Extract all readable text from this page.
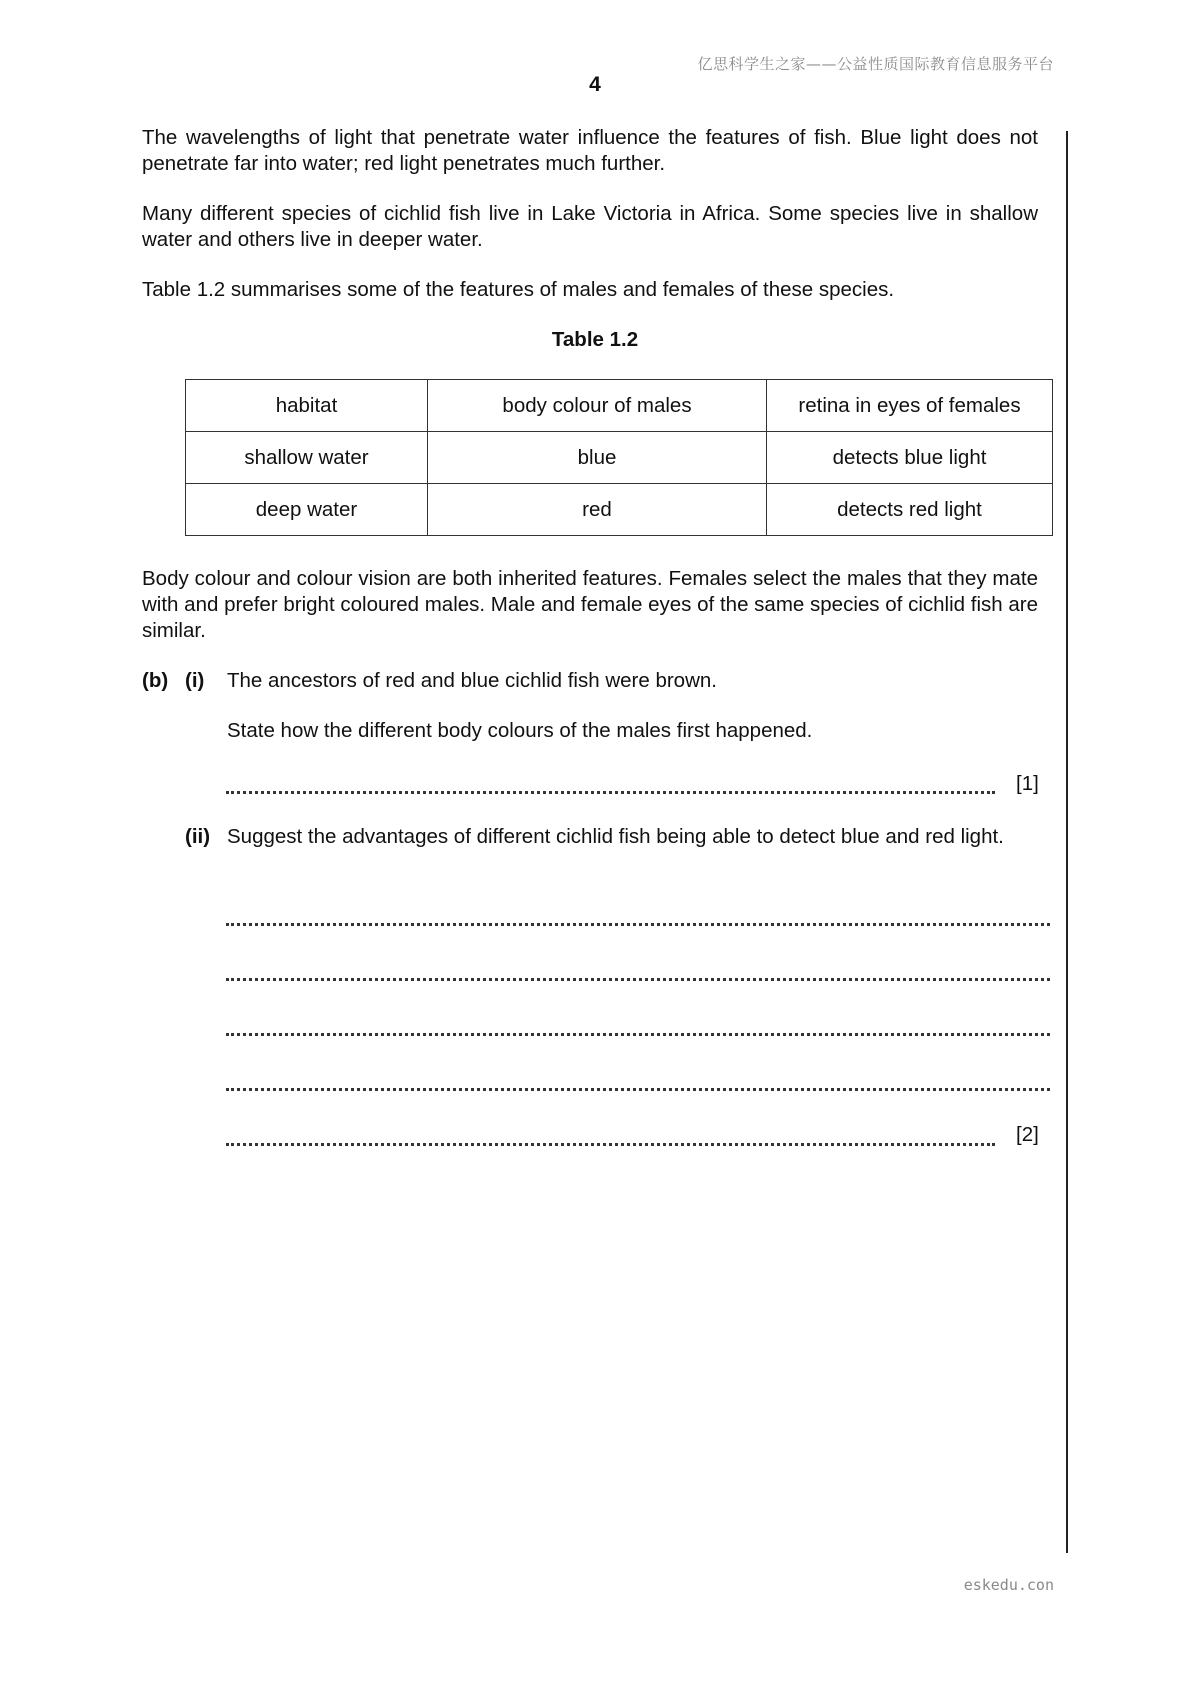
亿思科学生之家——公益性质国际教育信息服务平台
4

The wavelengths of light that penetrate water influence the features of fish. Blue light does not penetrate far into water; red light penetrates much further.

Many different species of cichlid fish live in Lake Victoria in Africa. Some species live in shallow water and others live in deeper water.

Table 1.2 summarises some of the features of males and females of these species.

Table 1.2
habitat	body colour of males	retina in eyes of females
shallow water	blue	detects blue light
deep water	red	detects red light

Body colour and colour vision are both inherited features. Females select the males that they mate with and prefer bright coloured males. Male and female eyes of the same species of cichlid fish are similar.

(b) (i) The ancestors of red and blue cichlid fish were brown.

State how the different body colours of the males first happened.

[1]
(ii) Suggest the advantages of different cichlid fish being able to detect blue and red light.

[2]
eskedu.con
